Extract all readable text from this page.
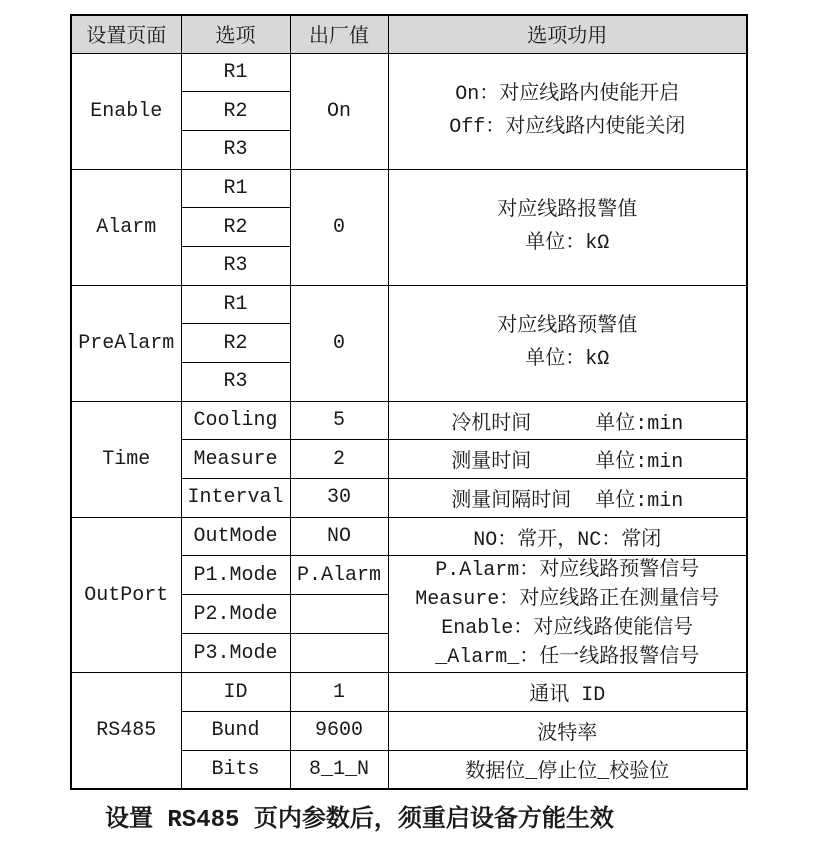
设置页面	选项	出厂值	选项功用
Enable	R1	On	On：对应线路内使能开启
Off：对应线路内使能关闭

	R2		
	R3		
Alarm	R1	0	对应线路报警值
单位：kΩ

	R2		
	R3		
PreAlarm	R1	0	对应线路预警值
单位：kΩ

	R2		
	R3		
Time	Cooling	5	冷机时间 单位:min

	Measure	2	测量时间 单位:min

	Interval	30	测量间隔时间 单位:min

OutPort	OutMode	NO	NO：常开，NC：常闭
	P1.Mode	P.Alarm	P.Alarm：对应线路预警信号
Measure：对应线路正在测量信号
Enable：对应线路使能信号
_Alarm_：任一线路报警信号

	P2.Mode		
	P3.Mode		
RS485	ID	1	通讯 ID
	Bund	9600	波特率
	Bits	8_1_N	数据位_停止位_校验位
设置 RS485 页内参数后，须重启设备方能生效
